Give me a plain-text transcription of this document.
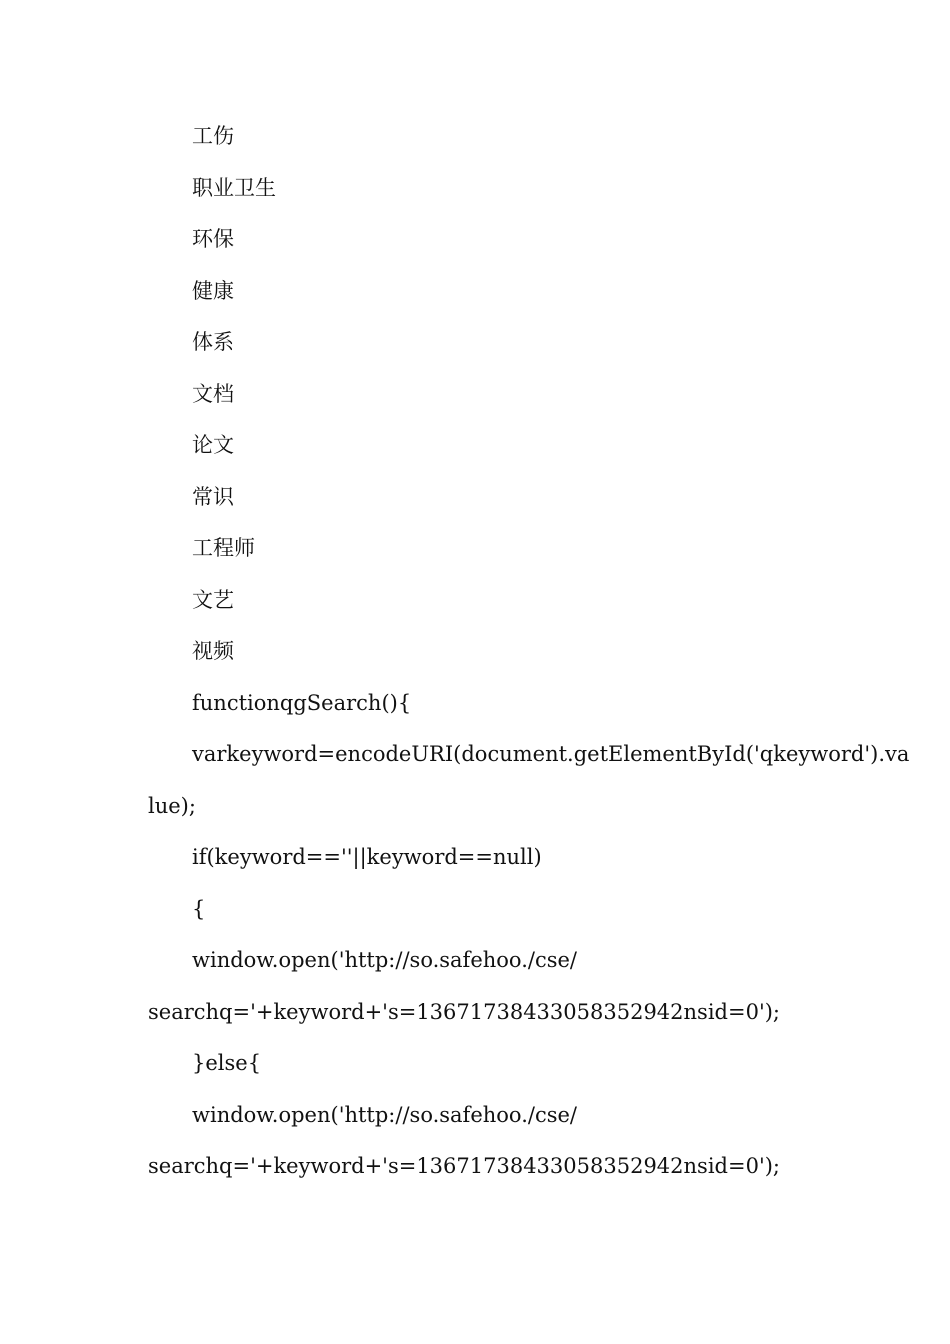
工伤
职业卫生
环保
健康
体系
文档
论文
常识
工程师
文艺
视频
functionqgSearch(){
varkeyword=encodeURI(document.getElementById('qkeyword').va
lue);
if(keyword==''||keyword==null)
{
window.open('http://so.safehoo./cse/
searchq='+keyword+'s=13671738433058352942nsid=0');
}else{
window.open('http://so.safehoo./cse/
searchq='+keyword+'s=13671738433058352942nsid=0');
